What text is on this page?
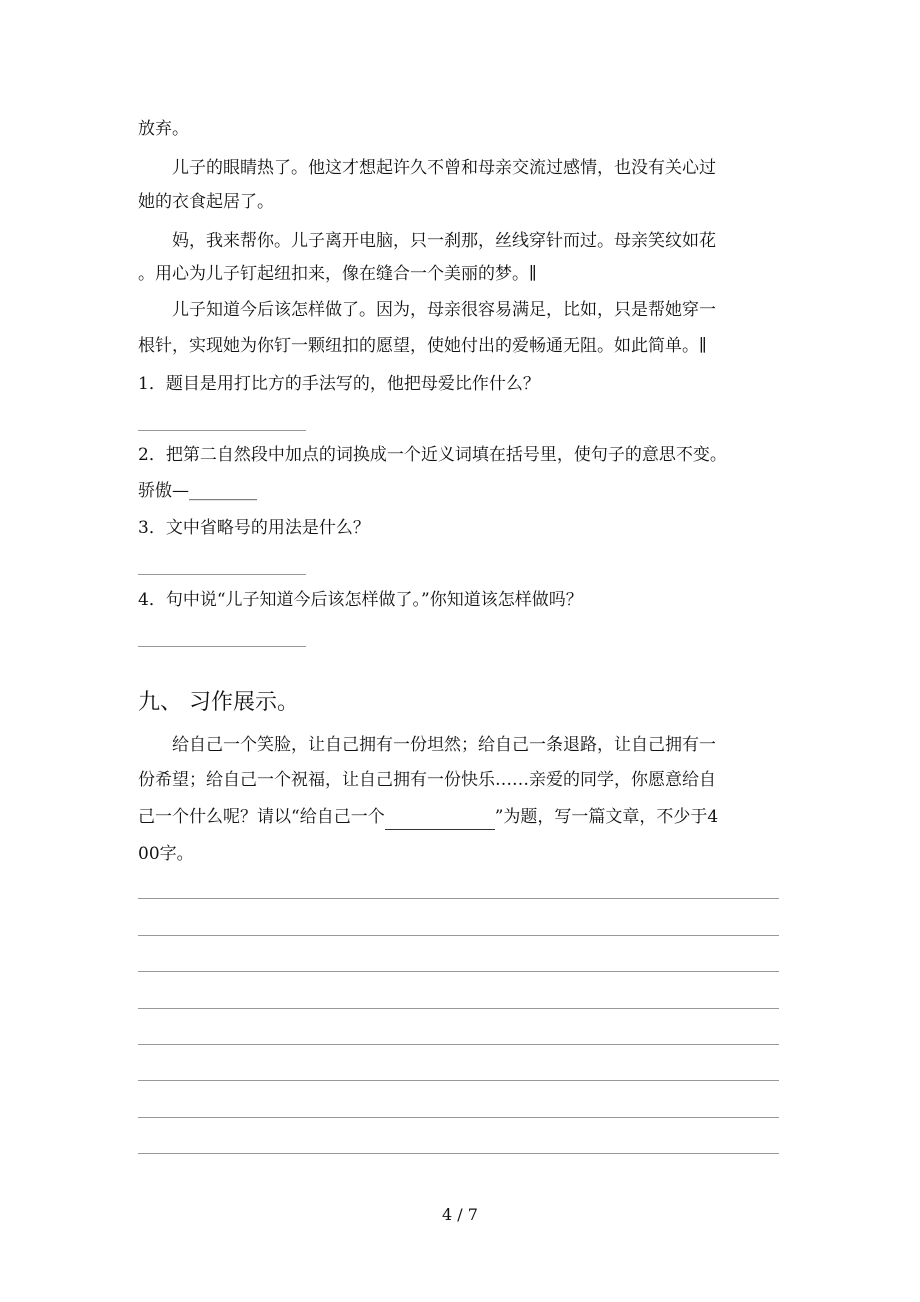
放弃。
儿子的眼睛热了。他这才想起许久不曾和母亲交流过感情，也没有关心过
她的衣食起居了。
妈，我来帮你。儿子离开电脑，只一刹那，丝线穿针而过。母亲笑纹如花
。用心为儿子钉起纽扣来，像在缝合一个美丽的梦。∥
儿子知道今后该怎样做了。因为，母亲很容易满足，比如，只是帮她穿一
根针，实现她为你钉一颗纽扣的愿望，使她付出的爱畅通无阻。如此简单。∥
1．题目是用打比方的手法写的，他把母爱比作什么？
2．把第二自然段中加点的词换成一个近义词填在括号里，使句子的意思不变。
骄傲—________
3．文中省略号的用法是什么？
4．句中说“儿子知道今后该怎样做了。”你知道该怎样做吗？
九、 习作展示。
给自己一个笑脸，让自己拥有一份坦然；给自己一条退路，让自己拥有一
份希望；给自己一个祝福，让自己拥有一份快乐……亲爱的同学，你愿意给自
己一个什么呢？请以“给自己一个	”为题，写一篇文章，不少于4
00字。
4 / 7
